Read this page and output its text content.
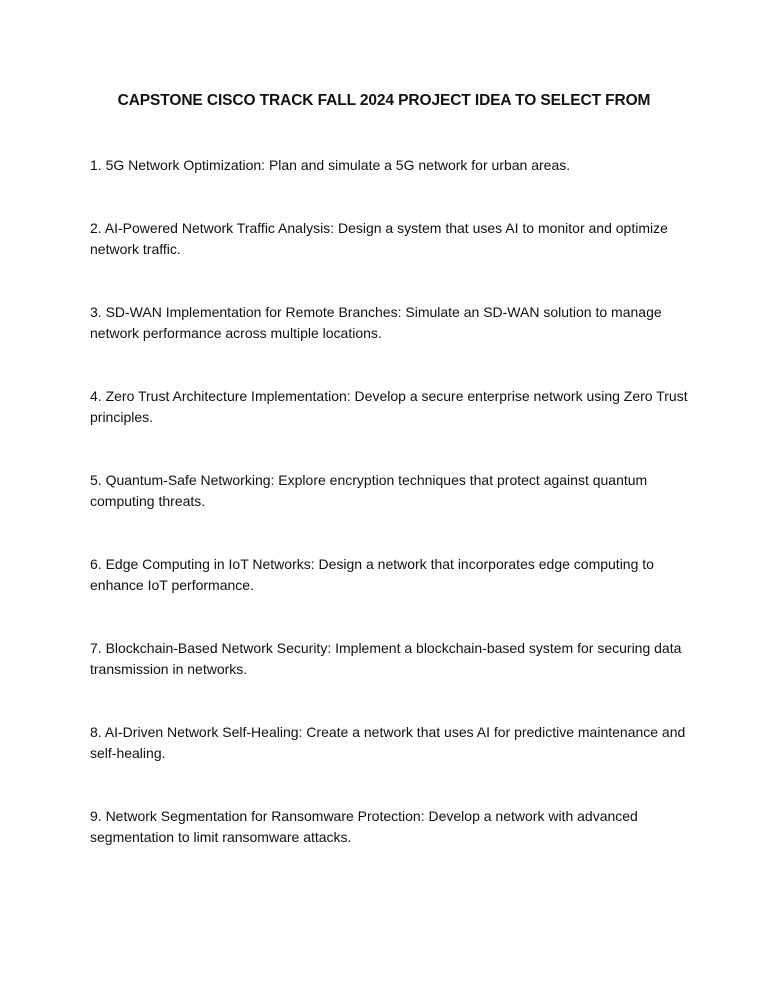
CAPSTONE CISCO TRACK FALL 2024 PROJECT IDEA TO SELECT FROM
1. 5G Network Optimization: Plan and simulate a 5G network for urban areas.
2. AI-Powered Network Traffic Analysis: Design a system that uses AI to monitor and optimize network traffic.
3. SD-WAN Implementation for Remote Branches: Simulate an SD-WAN solution to manage network performance across multiple locations.
4. Zero Trust Architecture Implementation: Develop a secure enterprise network using Zero Trust principles.
5. Quantum-Safe Networking: Explore encryption techniques that protect against quantum computing threats.
6. Edge Computing in IoT Networks: Design a network that incorporates edge computing to enhance IoT performance.
7. Blockchain-Based Network Security: Implement a blockchain-based system for securing data transmission in networks.
8. AI-Driven Network Self-Healing: Create a network that uses AI for predictive maintenance and self-healing.
9. Network Segmentation for Ransomware Protection: Develop a network with advanced segmentation to limit ransomware attacks.
